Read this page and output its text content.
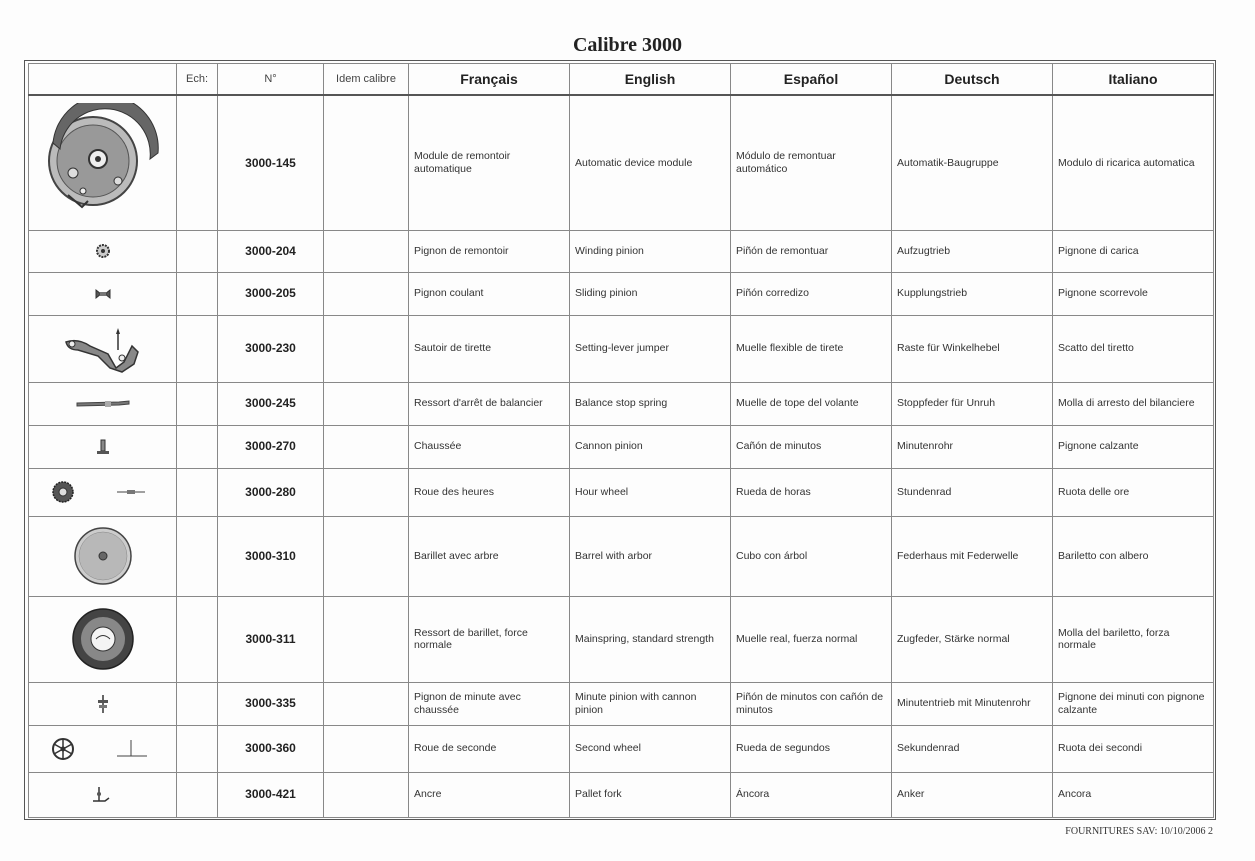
Calibre 3000
	Ech:	N°	Idem calibre	Français	English	Español	Deutsch	Italiano

		3000-145		Module de remontoir automatique	Automatic device module	Módulo de remontuar automático	Automatik-Baugruppe	Modulo di ricarica automatica

		3000-204		Pignon de remontoir	Winding pinion	Piñón de remontuar	Aufzugtrieb	Pignone di carica

		3000-205		Pignon coulant	Sliding pinion	Piñón corredizo	Kupplungstrieb	Pignone scorrevole

		3000-230		Sautoir de tirette	Setting-lever jumper	Muelle flexible de tirete	Raste für Winkelhebel	Scatto del tiretto

		3000-245		Ressort d'arrêt de balancier	Balance stop spring	Muelle de tope del volante	Stoppfeder für Unruh	Molla di arresto del bilanciere

		3000-270		Chaussée	Cannon pinion	Cañón de minutos	Minutenrohr	Pignone calzante

		3000-280		Roue des heures	Hour wheel	Rueda de horas	Stundenrad	Ruota delle ore

		3000-310		Barillet avec arbre	Barrel with arbor	Cubo con árbol	Federhaus mit Federwelle	Bariletto con albero

		3000-311		Ressort de barillet, force normale	Mainspring, standard strength	Muelle real, fuerza normal	Zugfeder, Stärke normal	Molla del bariletto, forza normale

		3000-335		Pignon de minute avec chaussée	Minute pinion with cannon pinion	Piñón de minutos con cañón de minutos	Minutentrieb mit Minutenrohr	Pignone dei minuti con pignone calzante

		3000-360		Roue de seconde	Second wheel	Rueda de segundos	Sekundenrad	Ruota dei secondi

		3000-421		Ancre	Pallet fork	Áncora	Anker	Ancora
FOURNITURES SAV: 10/10/2006 2
